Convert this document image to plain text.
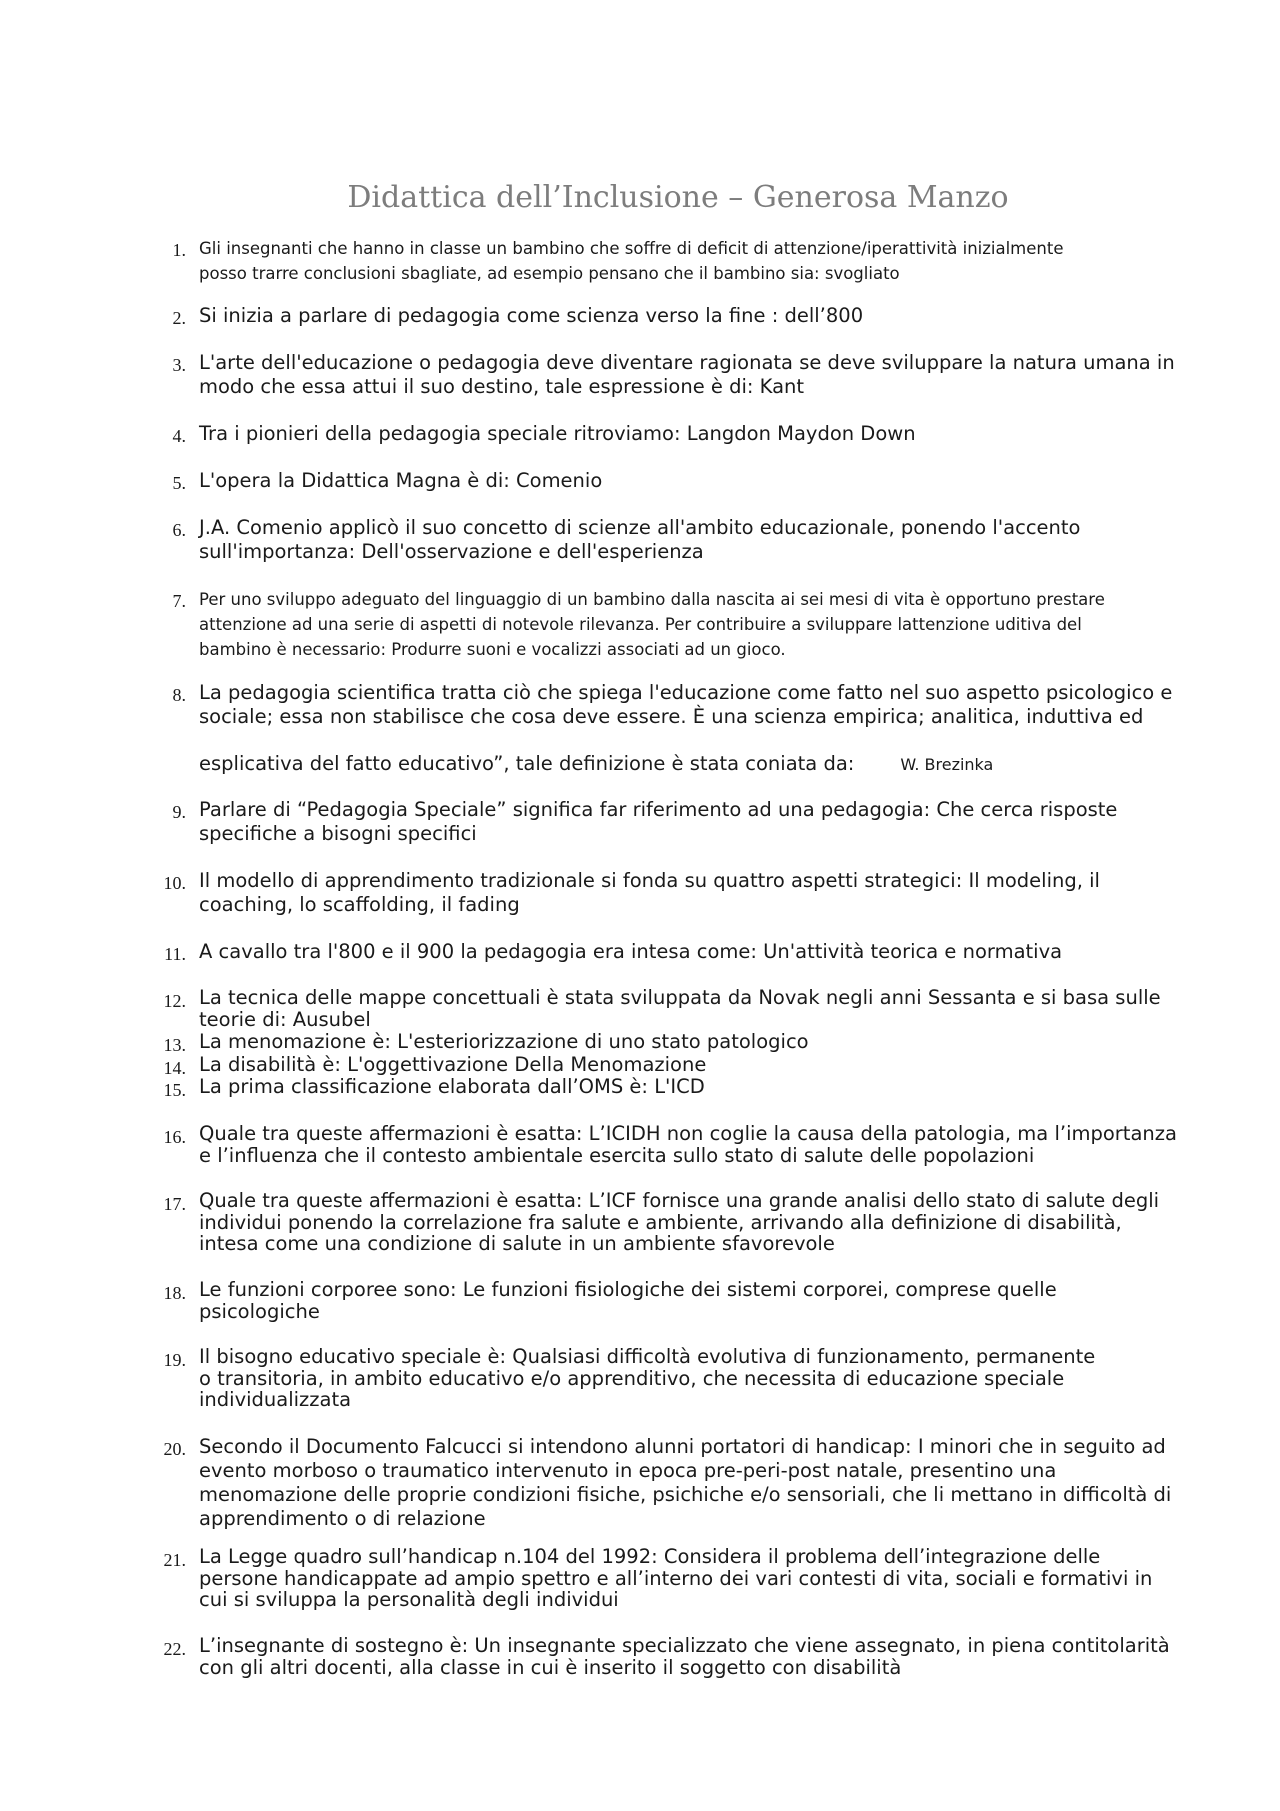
Didattica dell’Inclusione – Generosa Manzo
1. Gli insegnanti che hanno in classe un bambino che soffre di deficit di attenzione/iperattività inizialmente
posso trarre conclusioni sbagliate, ad esempio pensano che il bambino sia: svogliato
2. Si inizia a parlare di pedagogia come scienza verso la fine : dell’800
3. L'arte dell'educazione o pedagogia deve diventare ragionata se deve sviluppare la natura umana in
modo che essa attui il suo destino, tale espressione è di: Kant
4. Tra i pionieri della pedagogia speciale ritroviamo: Langdon Maydon Down
5. L'opera la Didattica Magna è di: Comenio
6. J.A. Comenio applicò il suo concetto di scienze all'ambito educazionale, ponendo l'accento
sull'importanza: Dell'osservazione e dell'esperienza
7. Per uno sviluppo adeguato del linguaggio di un bambino dalla nascita ai sei mesi di vita è opportuno prestare
attenzione ad una serie di aspetti di notevole rilevanza. Per contribuire a sviluppare lattenzione uditiva del
bambino è necessario: Produrre suoni e vocalizzi associati ad un gioco.
8. La pedagogia scientifica tratta ciò che spiega l'educazione come fatto nel suo aspetto psicologico e
sociale; essa non stabilisce che cosa deve essere. È una scienza empirica; analitica, induttiva ed
esplicativa del fatto educativo”, tale definizione è stata coniata da:	W. Brezinka
9. Parlare di “Pedagogia Speciale” significa far riferimento ad una pedagogia: Che cerca risposte
specifiche a bisogni specifici
10. Il modello di apprendimento tradizionale si fonda su quattro aspetti strategici: Il modeling, il
coaching, lo scaffolding, il fading
11. A cavallo tra l'800 e il 900 la pedagogia era intesa come: Un'attività teorica e normativa
12. La tecnica delle mappe concettuali è stata sviluppata da Novak negli anni Sessanta e si basa sulle
teorie di: Ausubel
13. La menomazione è: L'esteriorizzazione di uno stato patologico
14. La disabilità è: L'oggettivazione Della Menomazione
15. La prima classificazione elaborata dall’OMS è: L'ICD
16. Quale tra queste affermazioni è esatta: L’ICIDH non coglie la causa della patologia, ma l’importanza
e l’influenza che il contesto ambientale esercita sullo stato di salute delle popolazioni
17. Quale tra queste affermazioni è esatta: L’ICF fornisce una grande analisi dello stato di salute degli
individui ponendo la correlazione fra salute e ambiente, arrivando alla definizione di disabilità,
intesa come una condizione di salute in un ambiente sfavorevole
18. Le funzioni corporee sono: Le funzioni fisiologiche dei sistemi corporei, comprese quelle
psicologiche
19. Il bisogno educativo speciale è: Qualsiasi difficoltà evolutiva di funzionamento, permanente
o transitoria, in ambito educativo e/o apprenditivo, che necessita di educazione speciale
individualizzata
20. Secondo il Documento Falcucci si intendono alunni portatori di handicap: I minori che in seguito ad
evento morboso o traumatico intervenuto in epoca pre-peri-post natale, presentino una
menomazione delle proprie condizioni fisiche, psichiche e/o sensoriali, che li mettano in difficoltà di
apprendimento o di relazione
21. La Legge quadro sull’handicap n.104 del 1992: Considera il problema dell’integrazione delle
persone handicappate ad ampio spettro e all’interno dei vari contesti di vita, sociali e formativi in
cui si sviluppa la personalità degli individui
22. L’insegnante di sostegno è: Un insegnante specializzato che viene assegnato, in piena contitolarità
con gli altri docenti, alla classe in cui è inserito il soggetto con disabilità
